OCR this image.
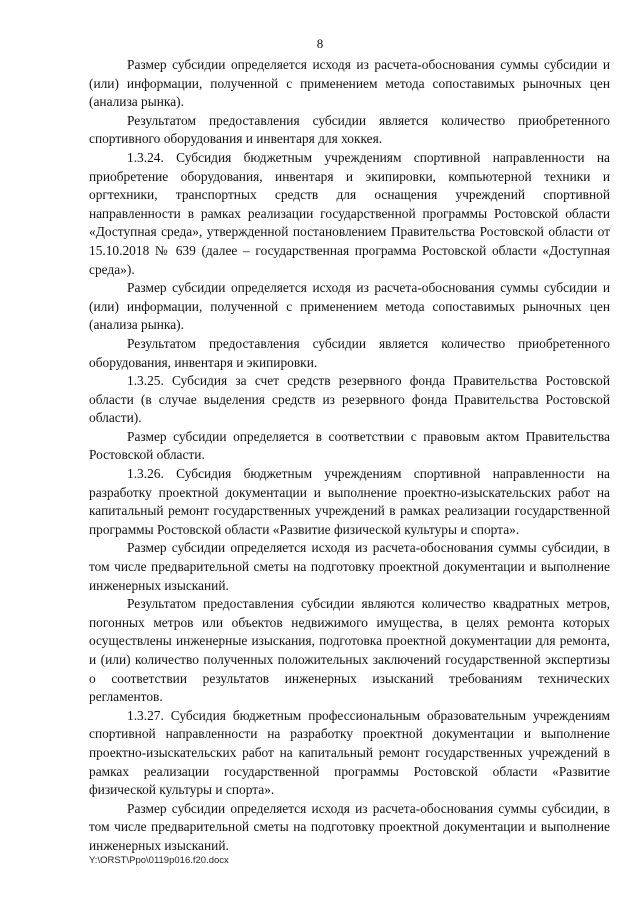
8

Размер субсидии определяется исходя из расчета-обоснования суммы субсидии и (или) информации, полученной с применением метода сопоставимых рыночных цен (анализа рынка).

Результатом предоставления субсидии является количество приобретенного спортивного оборудования и инвентаря для хоккея.

1.3.24. Субсидия бюджетным учреждениям спортивной направленности на приобретение оборудования, инвентаря и экипировки, компьютерной техники и оргтехники, транспортных средств для оснащения учреждений спортивной направленности в рамках реализации государственной программы Ростовской области «Доступная среда», утвержденной постановлением Правительства Ростовской области от 15.10.2018 № 639 (далее – государственная программа Ростовской области «Доступная среда»).

Размер субсидии определяется исходя из расчета-обоснования суммы субсидии и (или) информации, полученной с применением метода сопоставимых рыночных цен (анализа рынка).

Результатом предоставления субсидии является количество приобретенного оборудования, инвентаря и экипировки.

1.3.25. Субсидия за счет средств резервного фонда Правительства Ростовской области (в случае выделения средств из резервного фонда Правительства Ростовской области).

Размер субсидии определяется в соответствии с правовым актом Правительства Ростовской области.

1.3.26. Субсидия бюджетным учреждениям спортивной направленности на разработку проектной документации и выполнение проектно-изыскательских работ на капитальный ремонт государственных учреждений в рамках реализации государственной программы Ростовской области «Развитие физической культуры и спорта».

Размер субсидии определяется исходя из расчета-обоснования суммы субсидии, в том числе предварительной сметы на подготовку проектной документации и выполнение инженерных изысканий.

Результатом предоставления субсидии являются количество квадратных метров, погонных метров или объектов недвижимого имущества, в целях ремонта которых осуществлены инженерные изыскания, подготовка проектной документации для ремонта, и (или) количество полученных положительных заключений государственной экспертизы о соответствии результатов инженерных изысканий требованиям технических регламентов.

1.3.27. Субсидия бюджетным профессиональным образовательным учреждениям спортивной направленности на разработку проектной документации и выполнение проектно-изыскательских работ на капитальный ремонт государственных учреждений в рамках реализации государственной программы Ростовской области «Развитие физической культуры и спорта».

Размер субсидии определяется исходя из расчета-обоснования суммы субсидии, в том числе предварительной сметы на подготовку проектной документации и выполнение инженерных изысканий.

Y:\ORST\Ppo\0119p016.f20.docx
